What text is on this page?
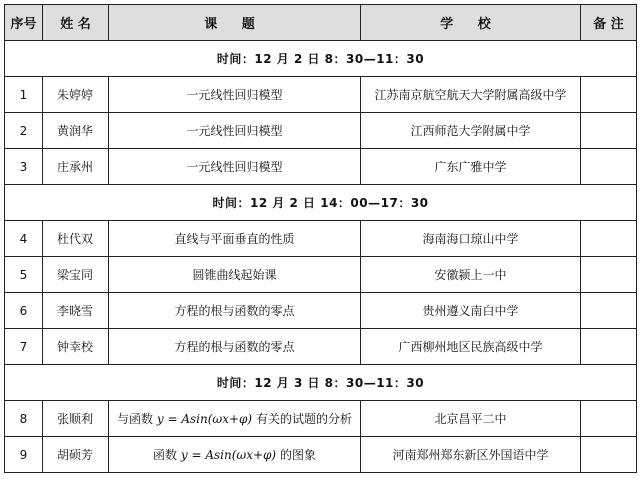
序号	姓 名	课 题	学 校	备 注
时间：12 月 2 日 8：30—11：30				
1	朱婷婷	一元线性回归模型	江苏南京航空航天大学附属高级中学	
2	黄润华	一元线性回归模型	江西师范大学附属中学	
3	庄承州	一元线性回归模型	广东广雅中学	
时间：12 月 2 日 14：00—17：30				
4	杜代双	直线与平面垂直的性质	海南海口琼山中学	
5	梁宝同	圆锥曲线起始课	安徽颍上一中	
6	李晓雪	方程的根与函数的零点	贵州遵义南白中学	
7	钟幸校	方程的根与函数的零点	广西柳州地区民族高级中学	
时间：12 月 3 日 8：30—11：30				
8	张顺利	与函数 y = Asin(ωx+φ) 有关的试题的分析	北京昌平二中	
9	胡硕芳	函数 y = Asin(ωx+φ) 的图象	河南郑州郑东新区外国语中学	
